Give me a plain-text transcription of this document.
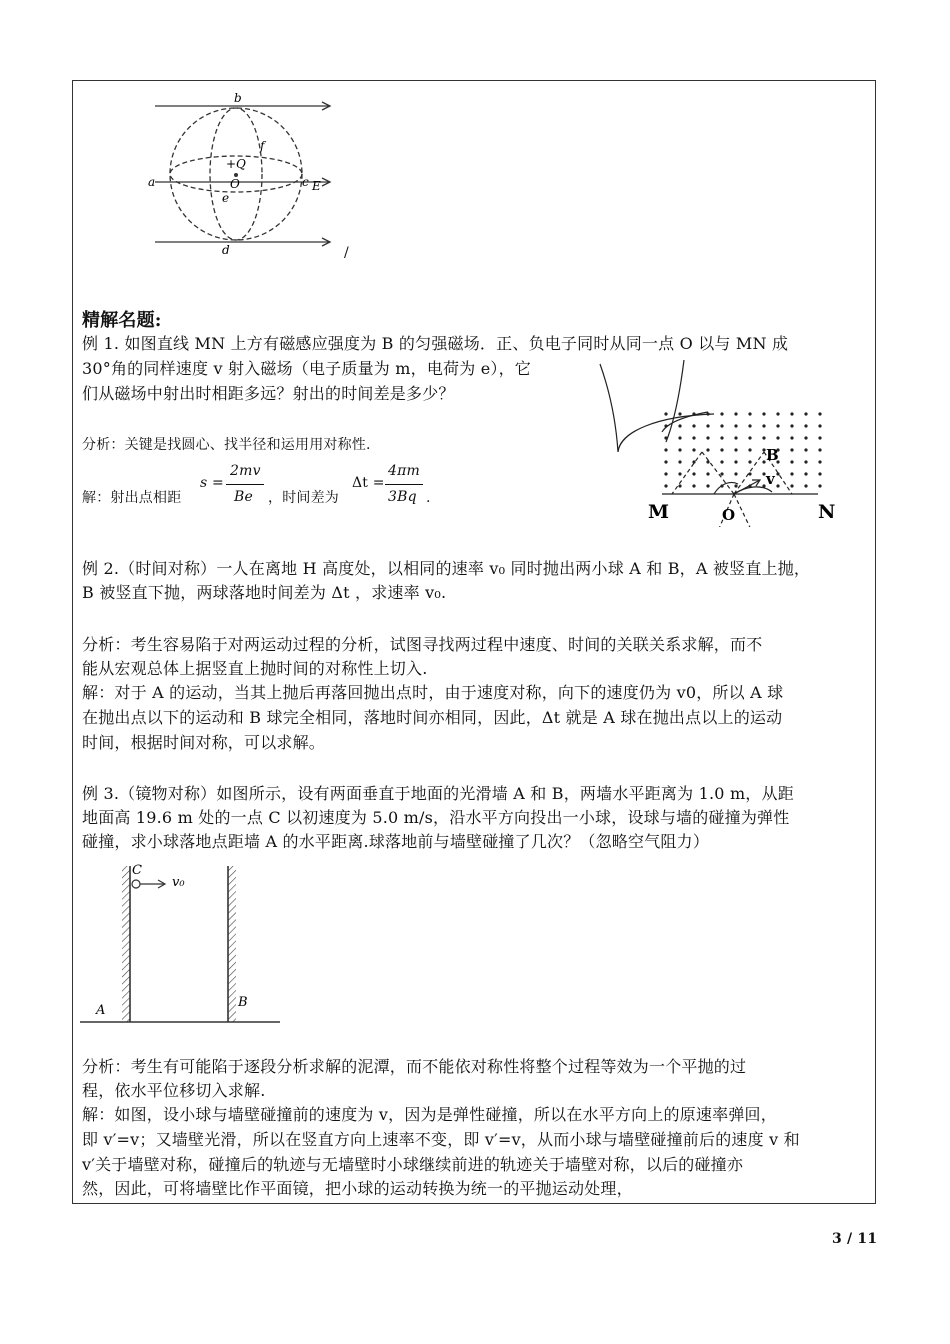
b
f
+Q
O
a	c E
e
d	/
精解名题:
例 1. 如图直线 MN 上方有磁感应强度为 B 的匀强磁场．正、负电子同时从同一点 O 以与 MN 成
30°角的同样速度 v 射入磁场（电子质量为 m，电荷为 e），它
们从磁场中射出时相距多远？射出的时间差是多少？
分析：关键是找圆心、找半径和运用用对称性.
解：射出点相距
s =
2mv
Be ，时间差为
Δt =
4πm
3Bq .
B
v
M	O	N
例 2.（时间对称）一人在离地 H 高度处，以相同的速率 v₀ 同时抛出两小球 A 和 B，A 被竖直上抛，
B 被竖直下抛，两球落地时间差为 Δt ，求速率 v₀.
分析：考生容易陷于对两运动过程的分析，试图寻找两过程中速度、时间的关联关系求解，而不
能从宏观总体上据竖直上抛时间的对称性上切入.
解：对于 A 的运动，当其上抛后再落回抛出点时，由于速度对称，向下的速度仍为 v0，所以 A 球
在抛出点以下的运动和 B 球完全相同，落地时间亦相同，因此，Δt 就是 A 球在抛出点以上的运动
时间，根据时间对称，可以求解。
例 3.（镜物对称）如图所示，设有两面垂直于地面的光滑墙 A 和 B，两墙水平距离为 1.0 m，从距
地面高 19.6 m 处的一点 C 以初速度为 5.0 m/s，沿水平方向投出一小球，设球与墙的碰撞为弹性
碰撞，求小球落地点距墙 A 的水平距离.球落地前与墙壁碰撞了几次？（忽略空气阻力）
C
v₀
A
B
分析：考生有可能陷于逐段分析求解的泥潭，而不能依对称性将整个过程等效为一个平抛的过
程，依水平位移切入求解.
解：如图，设小球与墙壁碰撞前的速度为 v，因为是弹性碰撞，所以在水平方向上的原速率弹回，
即 v′=v；又墙壁光滑，所以在竖直方向上速率不变，即 v′=v，从而小球与墙壁碰撞前后的速度 v 和
v′关于墙壁对称，碰撞后的轨迹与无墙壁时小球继续前进的轨迹关于墙壁对称，以后的碰撞亦
然，因此，可将墙壁比作平面镜，把小球的运动转换为统一的平抛运动处理，
3 / 11
